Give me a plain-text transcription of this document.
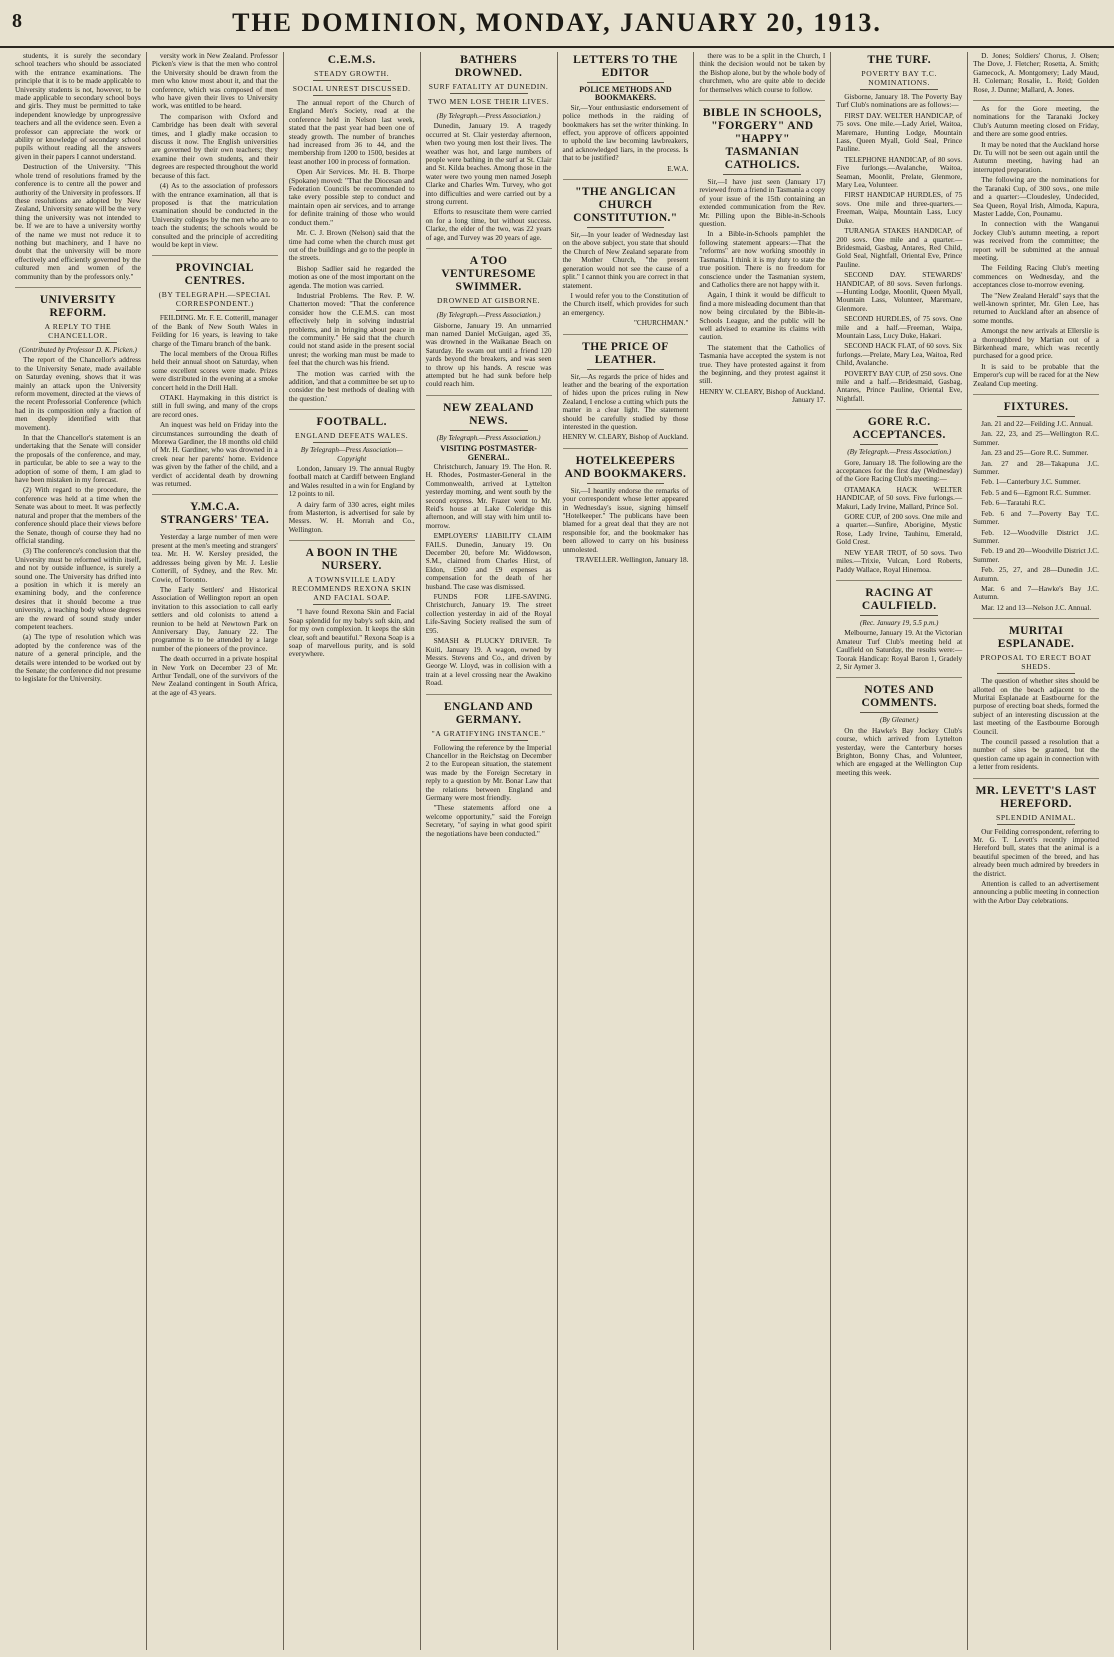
8	THE DOMINION, MONDAY, JANUARY 20, 1913.

students, it is surely the secondary school teachers who should be associated with the entrance examinations. The principle that it is to be made applicable to University students is not, however, to be made applicable to secondary school boys and girls. They must be permitted to take independent knowledge by unprogressive teachers and all the evidence seen. Even a professor can appreciate the work or ability or knowledge of secondary school pupils without reading all the answers given in their papers I cannot understand.

Destruction of the University. "This whole trend of resolutions framed by the conference is to centre all the power and authority of the University in professors. If these resolutions are adopted by New Zealand, University senate will be the very thing the university was not intended to be. If we are to have a university worthy of the name we must not reduce it to nothing but machinery, and I have no doubt that the university will be more effectively and efficiently governed by the cultured men and women of the community than by the professors only."

UNIVERSITY REFORM.
A REPLY TO THE CHANCELLOR.
(Contributed by Professor D. K. Picken.)

The report of the Chancellor's address to the University Senate, made available on Saturday evening, shows that it was mainly an attack upon the University reform movement, directed at the views of the recent Professorial Conference (which had in its composition only a fraction of men deeply identified with that movement).

In that the Chancellor's statement is an undertaking that the Senate will consider the proposals of the conference, and may, in particular, be able to see a way to the adoption of some of them, I am glad to have been mistaken in my forecast.

(2) With regard to the procedure, the conference was held at a time when the Senate was about to meet. It was perfectly natural and proper that the members of the conference should place their views before the Senate, though of course they had no official standing.

(3) The conference's conclusion that the University must be reformed within itself, and not by outside influence, is surely a sound one. The University has drifted into a position in which it is merely an examining body, and the conference desires that it should become a true university, a teaching body whose degrees are the reward of sound study under competent teachers.

(a) The type of resolution which was adopted by the conference was of the nature of a general principle, and the details were intended to be worked out by the Senate; the conference did not presume to legislate for the University.

versity work in New Zealand. Professor Picken's view is that the men who control the University should be drawn from the men who know most about it, and that the conference, which was composed of men who have given their lives to University work, was entitled to be heard.

The comparison with Oxford and Cambridge has been dealt with several times, and I gladly make occasion to discuss it now. The English universities are governed by their own teachers; they examine their own students, and their degrees are respected throughout the world because of this fact.

(4) As to the association of professors with the entrance examination, all that is proposed is that the matriculation examination should be conducted in the University colleges by the men who are to teach the students; the schools would be consulted and the principle of accrediting would be kept in view.

PROVINCIAL CENTRES.
(BY TELEGRAPH.—SPECIAL CORRESPONDENT.)

FEILDING. Mr. F. E. Cotterill, manager of the Bank of New South Wales in Feilding for 16 years, is leaving to take charge of the Timaru branch of the bank.

The local members of the Oroua Rifles held their annual shoot on Saturday, when some excellent scores were made. Prizes were distributed in the evening at a smoke concert held in the Drill Hall.

OTAKI. Haymaking in this district is still in full swing, and many of the crops are record ones.

An inquest was held on Friday into the circumstances surrounding the death of Morewa Gardiner, the 18 months old child of Mr. H. Gardiner, who was drowned in a creek near her parents' home. Evidence was given by the father of the child, and a verdict of accidental death by drowning was returned.

Y.M.C.A. STRANGERS' TEA.

Yesterday a large number of men were present at the men's meeting and strangers' tea. Mr. H. W. Kersley presided, the addresses being given by Mr. J. Leslie Cotterill, of Sydney, and the Rev. Mr. Cowie, of Toronto.

The Early Settlers' and Historical Association of Wellington report an open invitation to this association to call early settlers and old colonists to attend a reunion to be held at Newtown Park on Anniversary Day, January 22. The programme is to be attended by a large number of the pioneers of the province.

The death occurred in a private hospital in New York on December 23 of Mr. Arthur Tendall, one of the survivors of the New Zealand contingent in South Africa, at the age of 43 years.

C.E.M.S.
STEADY GROWTH.
SOCIAL UNREST DISCUSSED.

The annual report of the Church of England Men's Society, read at the conference held in Nelson last week, stated that the past year had been one of steady growth. The number of branches had increased from 36 to 44, and the membership from 1200 to 1500, besides at least another 100 in process of formation.

Open Air Services. Mr. H. B. Thorpe (Spokane) moved: "That the Diocesan and Federation Councils be recommended to take every possible step to conduct and maintain open air services, and to arrange for definite training of those who would conduct them."

Mr. C. J. Brown (Nelson) said that the time had come when the church must get out of the buildings and go to the people in the streets.

Bishop Sadlier said he regarded the motion as one of the most important on the agenda. The motion was carried.

Industrial Problems. The Rev. P. W. Chatterton moved: "That the conference consider how the C.E.M.S. can most effectively help in solving industrial problems, and in bringing about peace in the community." He said that the church could not stand aside in the present social unrest; the working man must be made to feel that the church was his friend.

The motion was carried with the addition, 'and that a committee be set up to consider the best methods of dealing with the question.'

FOOTBALL.
ENGLAND DEFEATS WALES.
By Telegraph—Press Association—Copyright

London, January 19. The annual Rugby football match at Cardiff between England and Wales resulted in a win for England by 12 points to nil.

A dairy farm of 330 acres, eight miles from Masterton, is advertised for sale by Messrs. W. H. Morrah and Co., Wellington.

A BOON IN THE NURSERY.
A TOWNSVILLE LADY RECOMMENDS REXONA SKIN AND FACIAL SOAP.

"I have found Rexona Skin and Facial Soap splendid for my baby's soft skin, and for my own complexion. It keeps the skin clear, soft and beautiful." Rexona Soap is a soap of marvellous purity, and is sold everywhere.

BATHERS DROWNED.
SURF FATALITY AT DUNEDIN.
TWO MEN LOSE THEIR LIVES.
(By Telegraph.—Press Association.)

Dunedin, January 19. A tragedy occurred at St. Clair yesterday afternoon, when two young men lost their lives. The weather was hot, and large numbers of people were bathing in the surf at St. Clair and St. Kilda beaches. Among those in the water were two young men named Joseph Clarke and Charles Wm. Turvey, who got into difficulties and were carried out by a strong current.

Efforts to resuscitate them were carried on for a long time, but without success. Clarke, the elder of the two, was 22 years of age, and Turvey was 20 years of age.

A TOO VENTURESOME SWIMMER.
DROWNED AT GISBORNE.
(By Telegraph.—Press Association.)

Gisborne, January 19. An unmarried man named Daniel McGuigan, aged 35, was drowned in the Waikanae Beach on Saturday. He swam out until a friend 120 yards beyond the breakers, and was seen to throw up his hands. A rescue was attempted but he had sunk before help could reach him.

NEW ZEALAND NEWS.
(By Telegraph.—Press Association.)
VISITING POSTMASTER-GENERAL.

Christchurch, January 19. The Hon. R. H. Rhodes, Postmaster-General in the Commonwealth, arrived at Lyttelton yesterday morning, and went south by the second express. Mr. Frazer went to Mr. Reid's house at Lake Coleridge this afternoon, and will stay with him until to-morrow.

EMPLOYERS' LIABILITY CLAIM FAILS. Dunedin, January 19. On December 20, before Mr. Widdowson, S.M., claimed from Charles Hirst, of Eldon, £500 and £9 expenses as compensation for the death of her husband. The case was dismissed.

FUNDS FOR LIFE-SAVING. Christchurch, January 19. The street collection yesterday in aid of the Royal Life-Saving Society realised the sum of £95.

SMASH & PLUCKY DRIVER. Te Kuiti, January 19. A wagon, owned by Messrs. Stevens and Co., and driven by George W. Lloyd, was in collision with a train at a level crossing near the Awakino Road.

ENGLAND AND GERMANY.
"A GRATIFYING INSTANCE."

Following the reference by the Imperial Chancellor in the Reichstag on December 2 to the European situation, the statement was made by the Foreign Secretary in reply to a question by Mr. Bonar Law that the relations between England and Germany were most friendly.

"These statements afford one a welcome opportunity," said the Foreign Secretary, "of saying in what good spirit the negotiations have been conducted."

LETTERS TO THE EDITOR
POLICE METHODS AND BOOKMAKERS.

Sir,—Your enthusiastic endorsement of police methods in the raiding of bookmakers has set the writer thinking. In effect, you approve of officers appointed to uphold the law becoming lawbreakers, and acknowledged liars, in the process. Is that to be justified?

E.W.A.

"THE ANGLICAN CHURCH CONSTITUTION."

Sir,—In your leader of Wednesday last on the above subject, you state that should the Church of New Zealand separate from the Mother Church, "the present generation would not see the cause of a split." I cannot think you are correct in that statement.

I would refer you to the Constitution of the Church itself, which provides for such an emergency.

"CHURCHMAN."

THE PRICE OF LEATHER.

Sir,—As regards the price of hides and leather and the bearing of the exportation of hides upon the prices ruling in New Zealand, I enclose a cutting which puts the matter in a clear light. The statement should be carefully studied by those interested in the question.

HENRY W. CLEARY, Bishop of Auckland.

HOTELKEEPERS AND BOOKMAKERS.

Sir,—I heartily endorse the remarks of your correspondent whose letter appeared in Wednesday's issue, signing himself "Hotelkeeper." The publicans have been blamed for a great deal that they are not responsible for, and the bookmaker has been allowed to carry on his business unmolested.

TRAVELLER. Wellington, January 18.

there was to be a split in the Church, I think the decision would not be taken by the Bishop alone, but by the whole body of churchmen, who are quite able to decide for themselves which course to follow.

BIBLE IN SCHOOLS, "FORGERY" AND "HAPPY" TASMANIAN CATHOLICS.

Sir,—I have just seen (January 17) reviewed from a friend in Tasmania a copy of your issue of the 15th containing an extended communication from the Rev. Mr. Pilling upon the Bible-in-Schools question.

In a Bible-in-Schools pamphlet the following statement appears:—That the "reforms" are now working smoothly in Tasmania. I think it is my duty to state the true position. There is no freedom for conscience under the Tasmanian system, and Catholics there are not happy with it.

Again, I think it would be difficult to find a more misleading document than that now being circulated by the Bible-in-Schools League, and the public will be well advised to examine its claims with caution.

The statement that the Catholics of Tasmania have accepted the system is not true. They have protested against it from the beginning, and they protest against it still.

HENRY W. CLEARY, Bishop of Auckland. January 17.

THE TURF.
POVERTY BAY T.C. NOMINATIONS.

Gisborne, January 18. The Poverty Bay Turf Club's nominations are as follows:—

FIRST DAY. WELTER HANDICAP, of 75 sovs. One mile.—Lady Ariel, Waitoa, Maremare, Hunting Lodge, Mountain Lass, Queen Myall, Gold Seal, Prince Pauline.

TELEPHONE HANDICAP, of 80 sovs. Five furlongs.—Avalanche, Waitoa, Seaman, Moonlit, Prelate, Glenmore, Mary Lea, Volunteer.

FIRST HANDICAP HURDLES, of 75 sovs. One mile and three-quarters.—Freeman, Waipa, Mountain Lass, Lucy Duke.

TURANGA STAKES HANDICAP, of 200 sovs. One mile and a quarter.—Bridesmaid, Gasbag, Antares, Red Child, Gold Seal, Nightfall, Oriental Eve, Prince Pauline.

SECOND DAY. STEWARDS' HANDICAP, of 80 sovs. Seven furlongs.—Hunting Lodge, Moonlit, Queen Myall, Mountain Lass, Volunteer, Maremare, Glenmore.

SECOND HURDLES, of 75 sovs. One mile and a half.—Freeman, Waipa, Mountain Lass, Lucy Duke, Hakari.

SECOND HACK FLAT, of 60 sovs. Six furlongs.—Prelate, Mary Lea, Waitoa, Red Child, Avalanche.

POVERTY BAY CUP, of 250 sovs. One mile and a half.—Bridesmaid, Gasbag, Antares, Prince Pauline, Oriental Eve, Nightfall.

GORE R.C. ACCEPTANCES.
(By Telegraph.—Press Association.)

Gore, January 18. The following are the acceptances for the first day (Wednesday) of the Gore Racing Club's meeting:—

OTAMAKA HACK WELTER HANDICAP, of 50 sovs. Five furlongs.—Makuri, Lady Irvine, Mallard, Prince Sol.

GORE CUP, of 200 sovs. One mile and a quarter.—Sunfire, Aborigine, Mystic Rose, Lady Irvine, Tauhinu, Emerald, Gold Crest.

NEW YEAR TROT, of 50 sovs. Two miles.—Trixie, Vulcan, Lord Roberts, Paddy Wallace, Royal Hinemoa.

RACING AT CAULFIELD.
(Rec. January 19, 5.5 p.m.)

Melbourne, January 19. At the Victorian Amateur Turf Club's meeting held at Caulfield on Saturday, the results were:— Toorak Handicap: Royal Baron 1, Gradely 2, Sir Aymer 3.

NOTES AND COMMENTS.
(By Gleaner.)

On the Hawke's Bay Jockey Club's course, which arrived from Lyttelton yesterday, were the Canterbury horses Brighton, Bonny Chas, and Volunteer, which are engaged at the Wellington Cup meeting this week.

D. Jones; Soldiers' Chorus, J. Olsen; The Dove, J. Fletcher; Rosetta, A. Smith; Gamecock, A. Montgomery; Lady Maud, H. Coleman; Rosalie, L. Reid; Golden Rose, J. Dunne; Mallard, A. Jones.

As for the Gore meeting, the nominations for the Taranaki Jockey Club's Autumn meeting closed on Friday, and there are some good entries.

It may be noted that the Auckland horse Dr. Tu will not be seen out again until the Autumn meeting, having had an interrupted preparation.

The following are the nominations for the Taranaki Cup, of 300 sovs., one mile and a quarter:—Cloudesley, Undecided, Sea Queen, Royal Irish, Almoda, Kapura, Master Ladde, Con, Pounamu.

In connection with the Wanganui Jockey Club's autumn meeting, a report was received from the committee; the report will be submitted at the annual meeting.

The Feilding Racing Club's meeting commences on Wednesday, and the acceptances close to-morrow evening.

The "New Zealand Herald" says that the well-known sprinter, Mr. Glen Lee, has returned to Auckland after an absence of some months.

Amongst the new arrivals at Ellerslie is a thoroughbred by Martian out of a Birkenhead mare, which was recently purchased for a good price.

It is said to be probable that the Emperor's cup will be raced for at the New Zealand Cup meeting.

FIXTURES.

Jan. 21 and 22—Feilding J.C. Annual.

Jan. 22, 23, and 25—Wellington R.C. Summer.

Jan. 23 and 25—Gore R.C. Summer.

Jan. 27 and 28—Takapuna J.C. Summer.

Feb. 1—Canterbury J.C. Summer.

Feb. 5 and 6—Egmont R.C. Summer.

Feb. 6—Taratahi R.C.

Feb. 6 and 7—Poverty Bay T.C. Summer.

Feb. 12—Woodville District J.C. Summer.

Feb. 19 and 20—Woodville District J.C. Summer.

Feb. 25, 27, and 28—Dunedin J.C. Autumn.

Mar. 6 and 7—Hawke's Bay J.C. Autumn.

Mar. 12 and 13—Nelson J.C. Annual.

MURITAI ESPLANADE.
PROPOSAL TO ERECT BOAT SHEDS.

The question of whether sites should be allotted on the beach adjacent to the Muritai Esplanade at Eastbourne for the purpose of erecting boat sheds, formed the subject of an interesting discussion at the last meeting of the Eastbourne Borough Council.

The council passed a resolution that a number of sites be granted, but the question came up again in connection with a letter from residents.

MR. LEVETT'S LAST HEREFORD.
SPLENDID ANIMAL.

Our Feilding correspondent, referring to Mr. G. T. Levett's recently imported Hereford bull, states that the animal is a beautiful specimen of the breed, and has already been much admired by breeders in the district.

Attention is called to an advertisement announcing a public meeting in connection with the Arbor Day celebrations.
